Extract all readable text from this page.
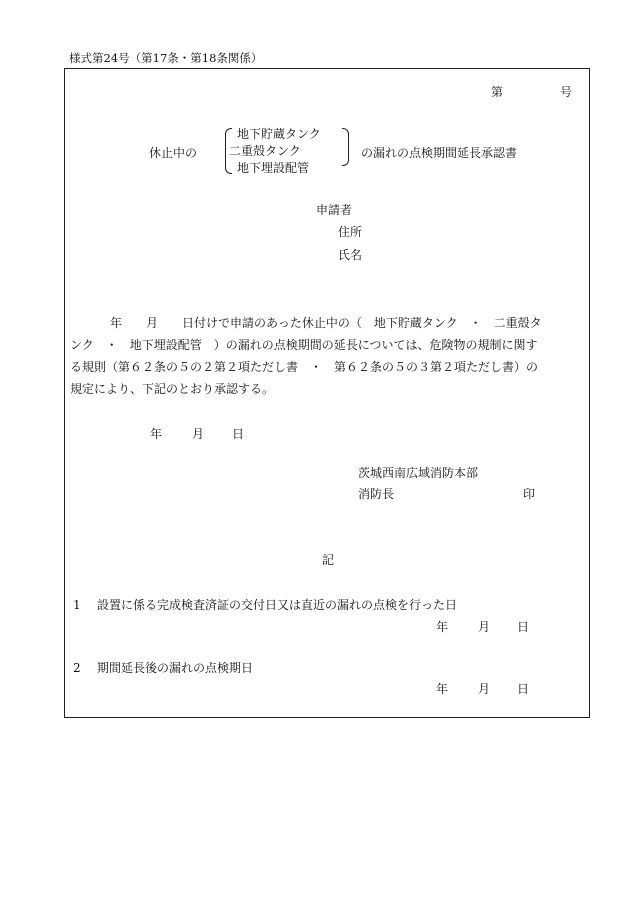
様式第24号（第17条・第18条関係）
第	号
休止中の
地下貯蔵タンク
二重殻タンク
地下埋設配管
の漏れの点検期間延長承認書
申請者
住所
氏名
年　　月　　日付けで申請のあった休止中の（　地下貯蔵タンク　・　二重殻タ
ンク　・　地下埋設配管　）の漏れの点検期間の延長については、危険物の規制に関す
る規則（第６２条の５の２第２項ただし書　・　第６２条の５の３第２項ただし書）の
規定により、下記のとおり承認する。
年 月 日
茨城西南広域消防本部
消防長	印
記
1 設置に係る完成検査済証の交付日又は直近の漏れの点検を行った日
年 月 日
2 期間延長後の漏れの点検期日
年 月 日
